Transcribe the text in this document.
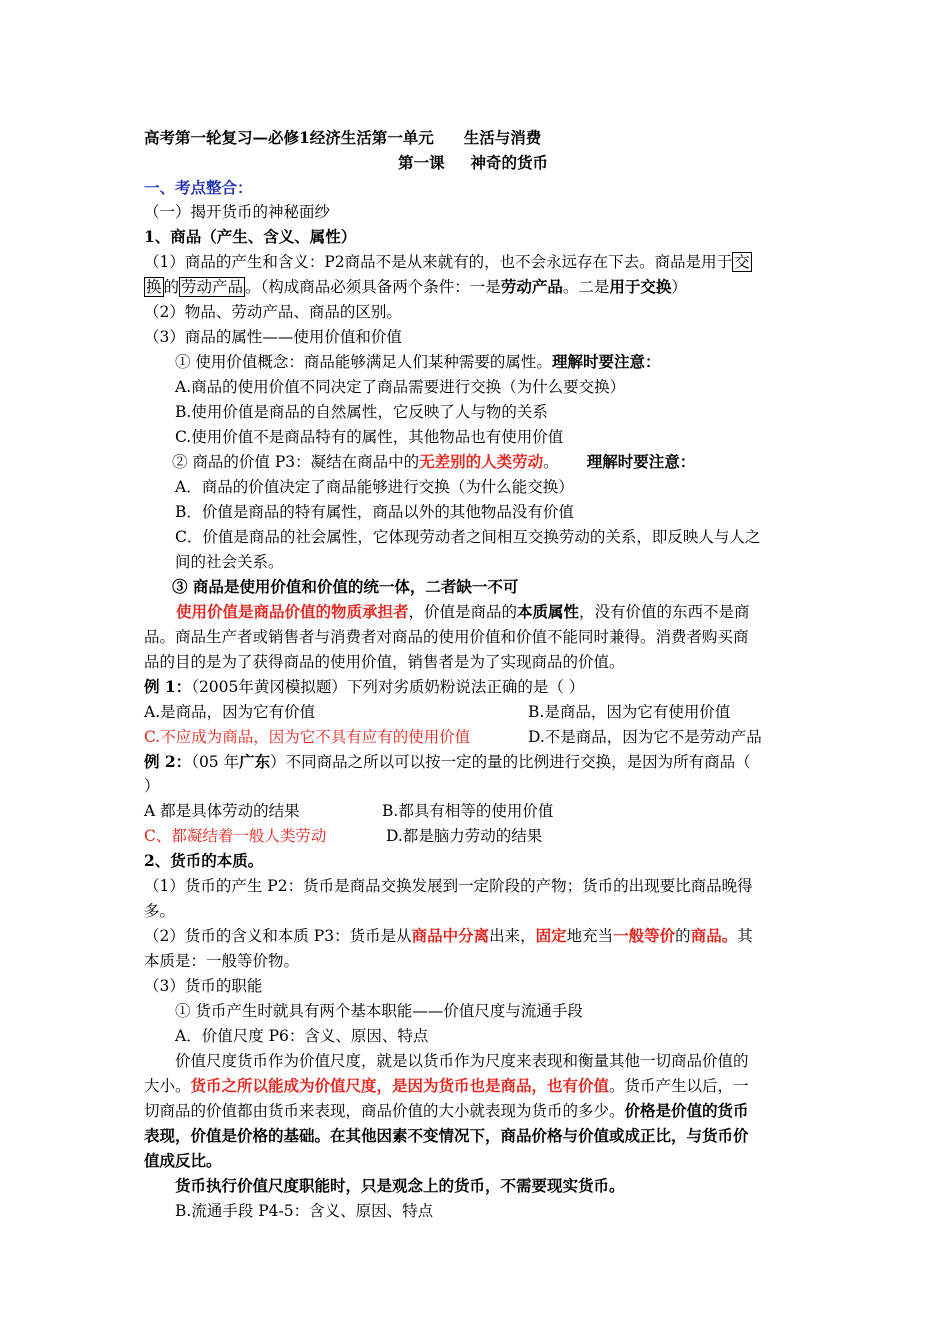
高考第一轮复习—必修1经济生活第一单元 生活与消费
第一课 神奇的货币
一、考点整合：
（一）揭开货币的神秘面纱
1、商品（产生、含义、属性）
（1）商品的产生和含义：P2商品不是从来就有的，也不会永远存在下去。商品是用于 交
换 的 劳动产品 。（构成商品必须具备两个条件：一是劳动产品。二是用于交换）
（2）物品、劳动产品、商品的区别。
（3）商品的属性——使用价值和价值
① 使用价值概念：商品能够满足人们某种需要的属性。理解时要注意：
A.商品的使用价值不同决定了商品需要进行交换（为什么要交换）
B.使用价值是商品的自然属性，它反映了人与物的关系
C.使用价值不是商品特有的属性，其他物品也有使用价值
② 商品的价值 P3：凝结在商品中的无差别的人类劳动。 理解时要注意：
A．商品的价值决定了商品能够进行交换（为什么能交换）
B．价值是商品的特有属性，商品以外的其他物品没有价值
C．价值是商品的社会属性，它体现劳动者之间相互交换劳动的关系，即反映人与人之
间的社会关系。
③ 商品是使用价值和价值的统一体，二者缺一不可
使用价值是商品价值的物质承担者，价值是商品的本质属性，没有价值的东西不是商
品。商品生产者或销售者与消费者对商品的使用价值和价值不能同时兼得。消费者购买商
品的目的是为了获得商品的使用价值，销售者是为了实现商品的价值。
例 1：（2005年黄冈模拟题）下列对劣质奶粉说法正确的是（ ）
A.是商品，因为它有价值	B.是商品，因为它有使用价值
C.不应成为商品，因为它不具有应有的使用价值	D.不是商品，因为它不是劳动产品
例 2：（05 年广东）不同商品之所以可以按一定的量的比例进行交换，是因为所有商品（
）
A 都是具体劳动的结果	B.都具有相等的使用价值
C、都凝结着一般人类劳动	D.都是脑力劳动的结果
2、货币的本质。
（1）货币的产生 P2：货币是商品交换发展到一定阶段的产物；货币的出现要比商品晚得
多。
（2）货币的含义和本质 P3：货币是从商品中分离出来，固定地充当一般等价的商品。其
本质是：一般等价物。
（3）货币的职能
① 货币产生时就具有两个基本职能——价值尺度与流通手段
A．价值尺度 P6：含义、原因、特点
价值尺度货币作为价值尺度，就是以货币作为尺度来表现和衡量其他一切商品价值的
大小。货币之所以能成为价值尺度，是因为货币也是商品，也有价值。货币产生以后，一
切商品的价值都由货币来表现，商品价值的大小就表现为货币的多少。价格是价值的货币
表现，价值是价格的基础。在其他因素不变情况下，商品价格与价值或成正比，与货币价
值成反比。
货币执行价值尺度职能时，只是观念上的货币，不需要现实货币。
B.流通手段 P4-5：含义、原因、特点
